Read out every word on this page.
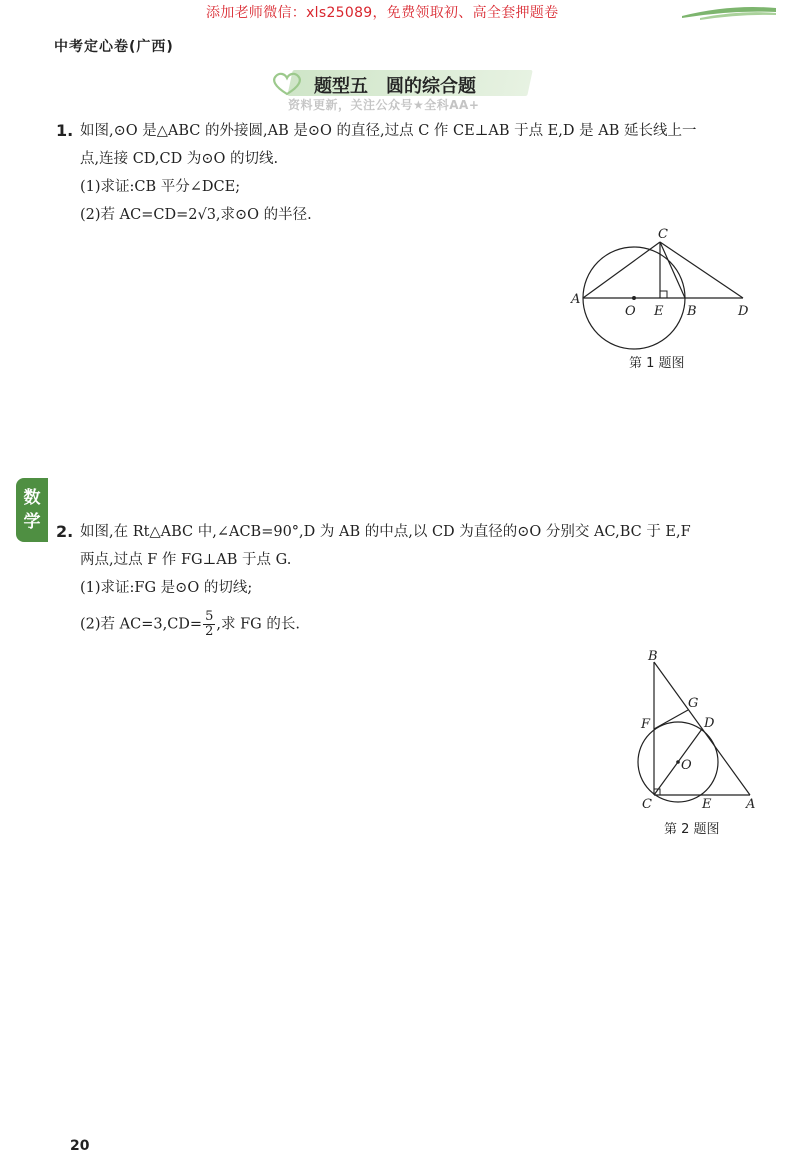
添加老师微信：xls25089，免费领取初、高全套押题卷
中考定心卷(广西)
题型五　圆的综合题
资料更新，关注公众号★全科AA+
1. 如图,⊙O 是△ABC 的外接圆,AB 是⊙O 的直径,过点 C 作 CE⊥AB 于点 E,D 是 AB 延长线上一
点,连接 CD,CD 为⊙O 的切线.
(1)求证:CB 平分∠DCE;
(2)若 AC=CD=2√3,求⊙O 的半径.
A
O E B	D
C
第 1 题图
数学 2. 如图,在 Rt△ABC 中,∠ACB=90°,D 为 AB 的中点,以 CD 为直径的⊙O 分别交 AC,BC 于 E,F
两点,过点 F 作 FG⊥AB 于点 G.
(1)求证:FG 是⊙O 的切线;
(2)若 $AC=3,CD= \frac{5}{2}$ ,求 FG 的长.
B
G
F	D
O
C	E	A
第 2 题图
20
